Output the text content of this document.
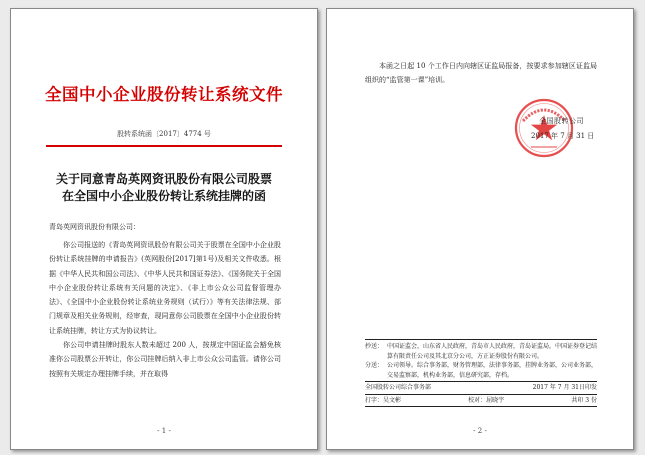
全国中小企业股份转让系统文件
股转系统函〔2017〕4774 号
关于同意青岛英网资讯股份有限公司股票
在全国中小企业股份转让系统挂牌的函
青岛英网资讯股份有限公司：

你公司报送的《青岛英网资讯股份有限公司关于股票在全国中小企业股份转让系统挂牌的申请报告》(英网股份[2017]第1号)及相关文件收悉。根据《中华人民共和国公司法》、《中华人民共和国证券法》、《国务院关于全国中小企业股份转让系统有关问题的决定》、《非上市公众公司监督管理办法》、《全国中小企业股份转让系统业务规则（试行）》等有关法律法规、部门规章及相关业务规则，经审查，现同意你公司股票在全国中小企业股份转让系统挂牌，转让方式为协议转让。

你公司申请挂牌时股东人数未超过 200 人，按规定中国证监会豁免核准你公司股票公开转让，你公司挂牌后纳入非上市公众公司监管。请你公司按照有关规定办理挂牌手续，并在取得

- 1 -

本函之日起 10 个工作日内向辖区证监局报备，按要求参加辖区证监局组织的“监管第一课”培训。

全国股转公司
2017 年 7 月 31 日
抄送： 中国证监会，山东省人民政府，青岛市人民政府，青岛证监局，中国证券登记结算有限责任公司及其北京分公司，方正证券股份有限公司。
分送： 公司领导。综合事务部，财务管理部，法律事务部，挂牌业务部，公司业务部，交易监察部，机构业务部，信息研究部，存档。
全国股转公司综合事务部	2017 年 7 月 31日印发
打字：吴文彬	校对：屈晓宇	共印 3 份
- 2 -
